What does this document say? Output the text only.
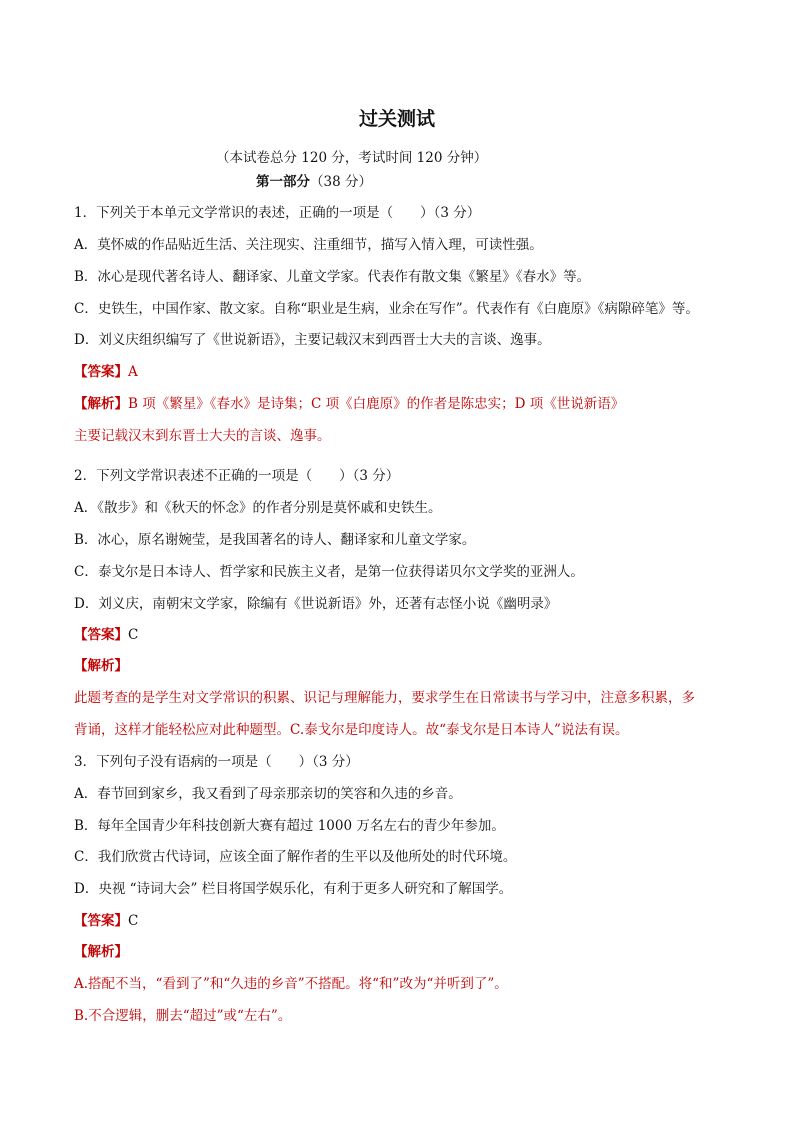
过关测试
（本试卷总分 120 分，考试时间 120 分钟）
第一部分（38 分）
1．下列关于本单元文学常识的表述，正确的一项是（　　）（3 分）
A．莫怀威的作品贴近生活、关注现实、注重细节，描写入情入理，可读性强。
B．冰心是现代著名诗人、翻译家、儿童文学家。代表作有散文集《繁星》《春水》等。
C．史铁生，中国作家、散文家。自称“职业是生病，业余在写作”。代表作有《白鹿原》《病隙碎笔》等。
D．刘义庆组织编写了《世说新语》，主要记载汉末到西晋士大夫的言谈、逸事。
【答案】A
【解析】B 项《繁星》《春水》是诗集；C 项《白鹿原》的作者是陈忠实；D 项《世说新语》
主要记载汉末到东晋士大夫的言谈、逸事。
2．下列文学常识表述不正确的一项是（　　）（3 分）
A．《散步》和《秋天的怀念》的作者分别是莫怀戚和史铁生。
B．冰心，原名谢婉莹，是我国著名的诗人、翻译家和儿童文学家。
C．泰戈尔是日本诗人、哲学家和民族主义者，是第一位获得诺贝尔文学奖的亚洲人。
D．刘义庆，南朝宋文学家，除编有《世说新语》外，还著有志怪小说《幽明录》
【答案】C
【解析】
此题考查的是学生对文学常识的积累、识记与理解能力，要求学生在日常读书与学习中，注意多积累，多
背诵，这样才能轻松应对此种题型。C.泰戈尔是印度诗人。故“泰戈尔是日本诗人”说法有误。
3．下列句子没有语病的一项是（　　）（3 分）
A．春节回到家乡，我又看到了母亲那亲切的笑容和久违的乡音。
B．每年全国青少年科技创新大赛有超过 1000 万名左右的青少年参加。
C．我们欣赏古代诗词，应该全面了解作者的生平以及他所处的时代环境。
D．央视 “诗词大会” 栏目将国学娱乐化，有利于更多人研究和了解国学。
【答案】C
【解析】
A.搭配不当，“看到了”和“久违的乡音”不搭配。将“和”改为“并听到了”。
B.不合逻辑，删去“超过”或“左右”。
